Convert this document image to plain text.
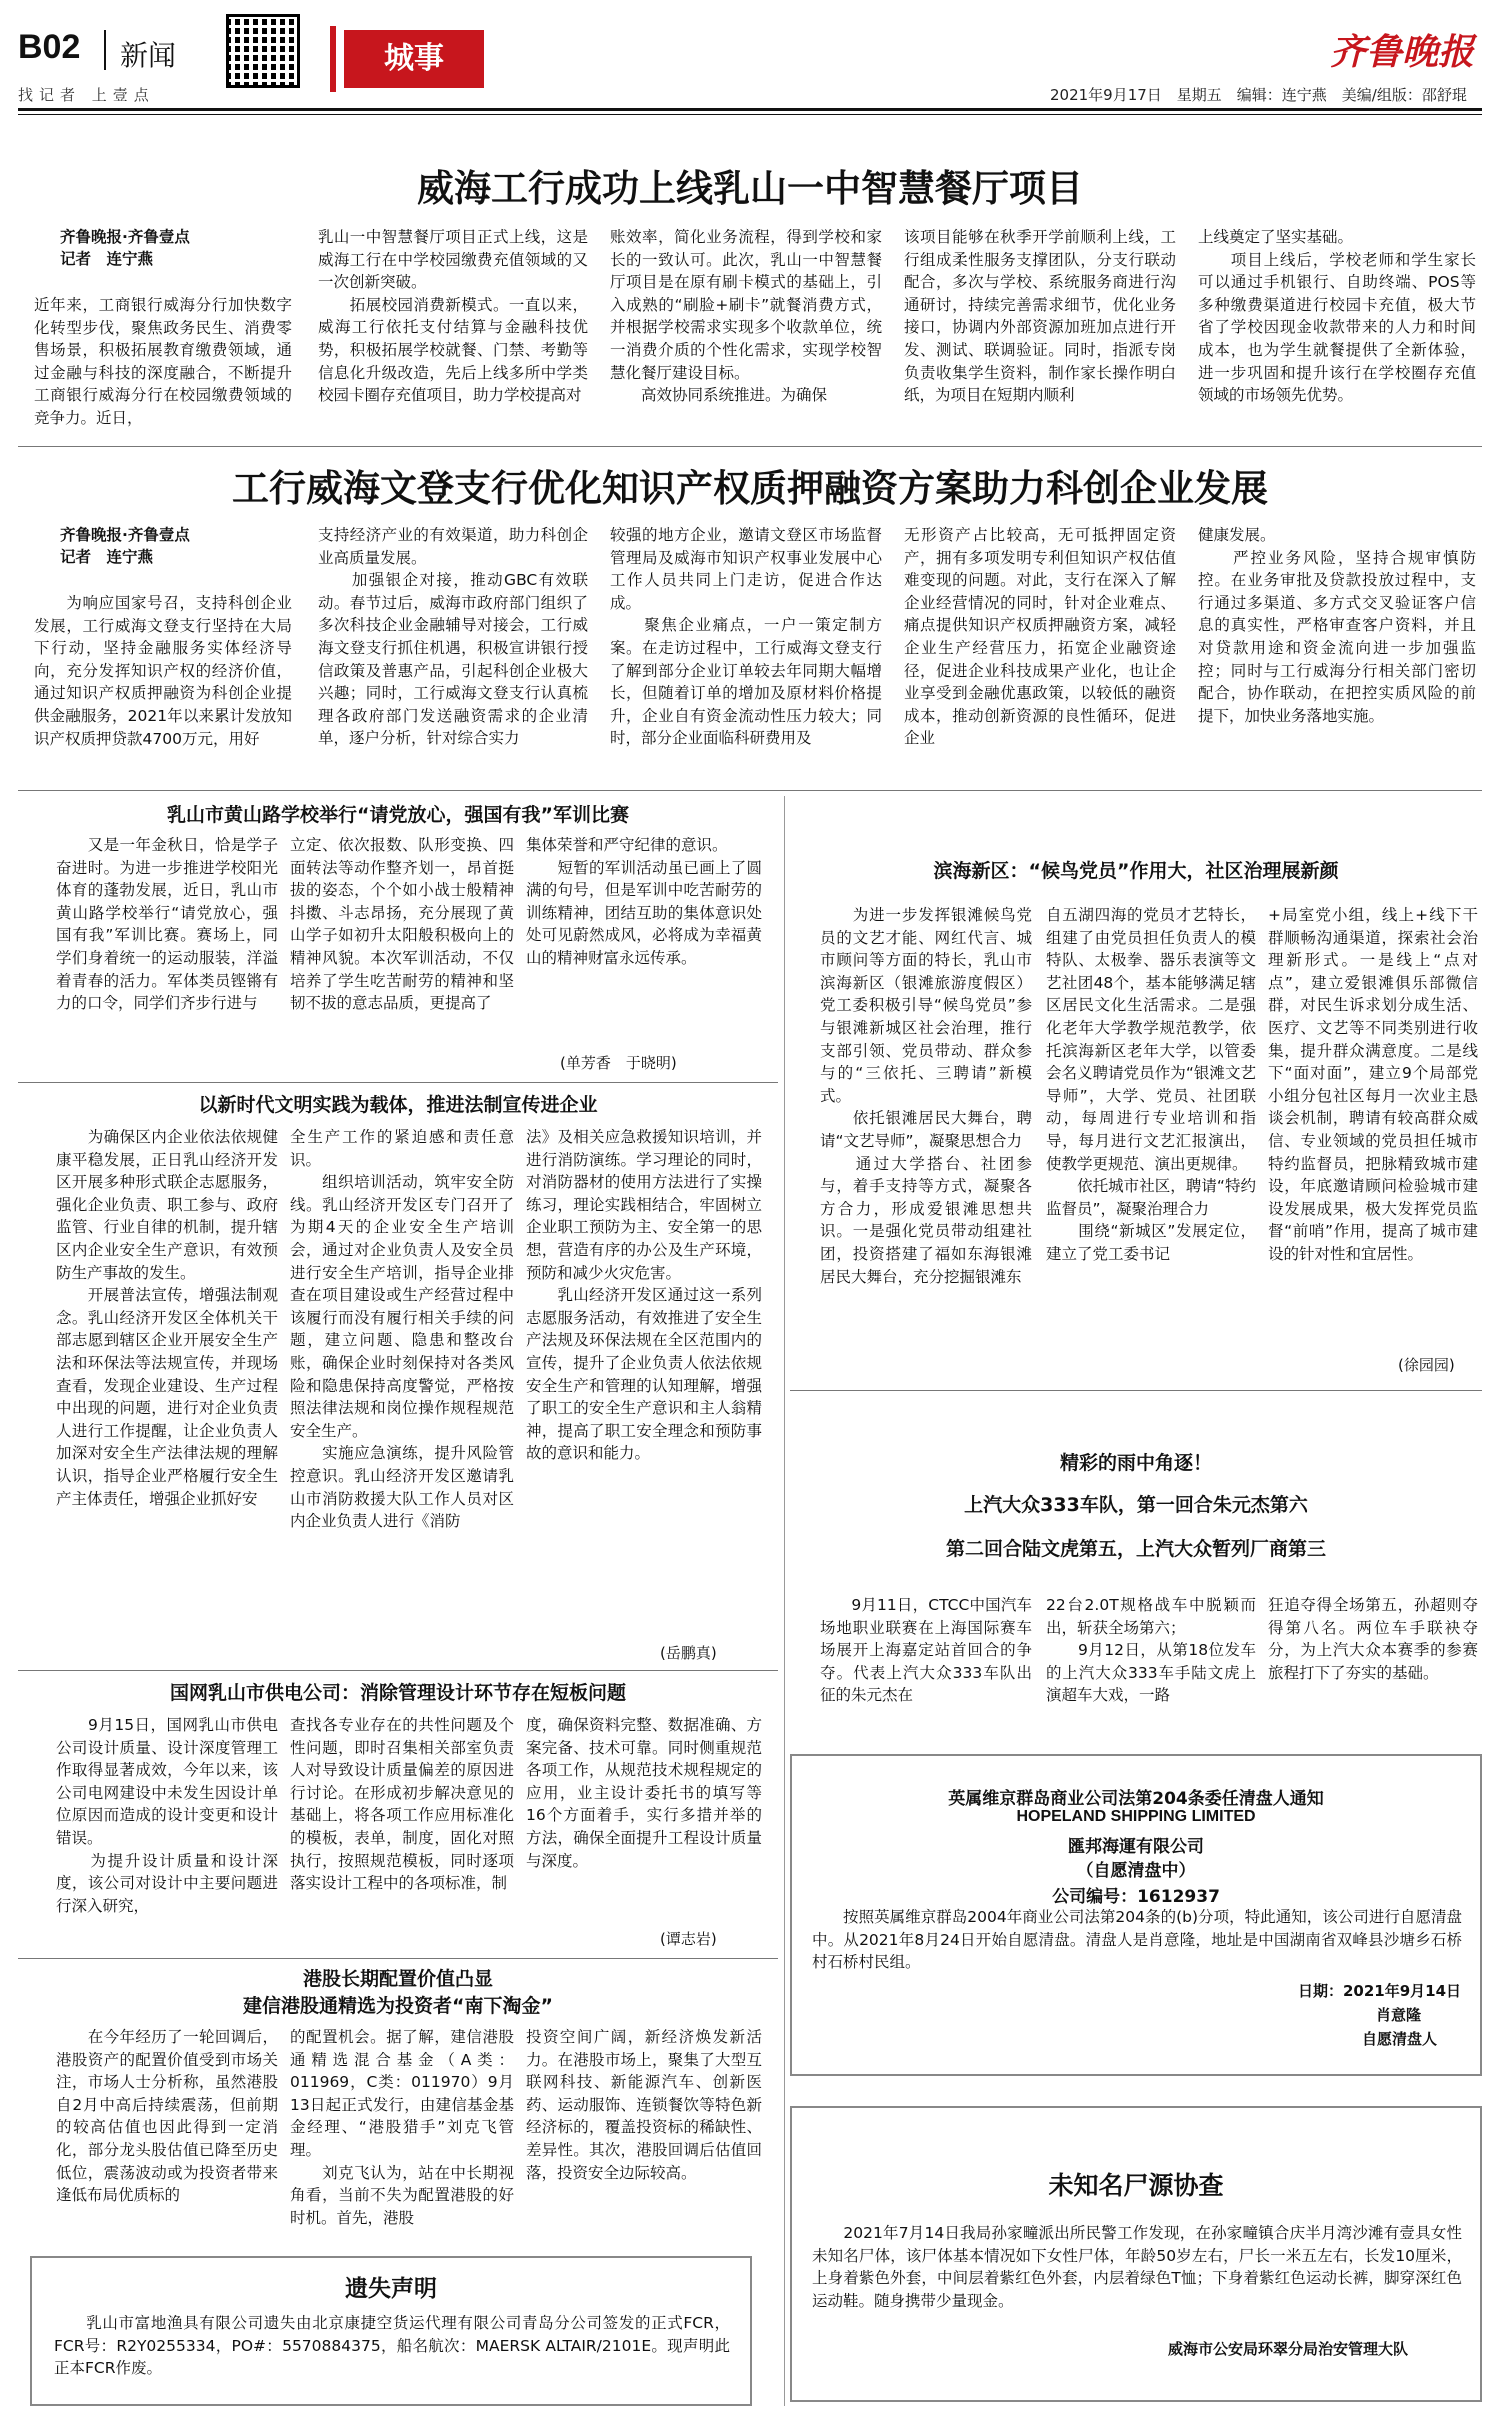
B02 新闻
找记者 上壹点
城事	齐鲁晚报
2021年9月17日　星期五　编辑：连宁燕　美编/组版：邵舒琨
威海工行成功上线乳山一中智慧餐厅项目
齐鲁晚报·齐鲁壹点
记者　连宁燕
近年来，工商银行威海分行加快数字化转型步伐，聚焦政务民生、消费零售场景，积极拓展教育缴费领域，通过金融与科技的深度融合，不断提升工商银行威海分行在校园缴费领域的竞争力。近日，
乳山一中智慧餐厅项目正式上线，这是威海工行在中学校园缴费充值领域的又一次创新突破。
　　拓展校园消费新模式。一直以来，威海工行依托支付结算与金融科技优势，积极拓展学校就餐、门禁、考勤等信息化升级改造，先后上线多所中学类校园卡圈存充值项目，助力学校提高对
账效率，简化业务流程，得到学校和家长的一致认可。此次，乳山一中智慧餐厅项目是在原有刷卡模式的基础上，引入成熟的“刷脸+刷卡”就餐消费方式，并根据学校需求实现多个收款单位，统一消费介质的个性化需求，实现学校智慧化餐厅建设目标。
　　高效协同系统推进。为确保
该项目能够在秋季开学前顺利上线，工行组成柔性服务支撑团队，分支行联动配合，多次与学校、系统服务商进行沟通研讨，持续完善需求细节，优化业务接口，协调内外部资源加班加点进行开发、测试、联调验证。同时，指派专岗负责收集学生资料，制作家长操作明白纸，为项目在短期内顺利
上线奠定了坚实基础。
　　项目上线后，学校老师和学生家长可以通过手机银行、自助终端、POS等多种缴费渠道进行校园卡充值，极大节省了学校因现金收款带来的人力和时间成本，也为学生就餐提供了全新体验，进一步巩固和提升该行在学校圈存充值领域的市场领先优势。
工行威海文登支行优化知识产权质押融资方案助力科创企业发展
齐鲁晚报·齐鲁壹点
记者　连宁燕
　　为响应国家号召，支持科创企业发展，工行威海文登支行坚持在大局下行动，坚持金融服务实体经济导向，充分发挥知识产权的经济价值，通过知识产权质押融资为科创企业提供金融服务，2021年以来累计发放知识产权质押贷款4700万元，用好
支持经济产业的有效渠道，助力科创企业高质量发展。
　　加强银企对接，推动GBC有效联动。春节过后，威海市政府部门组织了多次科技企业金融辅导对接会，工行威海文登支行抓住机遇，积极宣讲银行授信政策及普惠产品，引起科创企业极大兴趣；同时，工行威海文登支行认真梳理各政府部门发送融资需求的企业清单，逐户分析，针对综合实力
较强的地方企业，邀请文登区市场监督管理局及威海市知识产权事业发展中心工作人员共同上门走访，促进合作达成。
　　聚焦企业痛点，一户一策定制方案。在走访过程中，工行威海文登支行了解到部分企业订单较去年同期大幅增长，但随着订单的增加及原材料价格提升，企业自有资金流动性压力较大；同时，部分企业面临科研费用及
无形资产占比较高，无可抵押固定资产，拥有多项发明专利但知识产权估值难变现的问题。对此，支行在深入了解企业经营情况的同时，针对企业难点、痛点提供知识产权质押融资方案，减轻企业生产经营压力，拓宽企业融资途径，促进企业科技成果产业化，也让企业享受到金融优惠政策，以较低的融资成本，推动创新资源的良性循环，促进企业
健康发展。
　　严控业务风险，坚持合规审慎防控。在业务审批及贷款投放过程中，支行通过多渠道、多方式交叉验证客户信息的真实性，严格审查客户资料，并且对贷款用途和资金流向进一步加强监控；同时与工行威海分行相关部门密切配合，协作联动，在把控实质风险的前提下，加快业务落地实施。
乳山市黄山路学校举行“请党放心，强国有我”军训比赛
　　又是一年金秋日，恰是学子奋进时。为进一步推进学校阳光体育的蓬勃发展，近日，乳山市黄山路学校举行“请党放心，强国有我”军训比赛。赛场上，同学们身着统一的运动服装，洋溢着青春的活力。军体类员铿锵有力的口令，同学们齐步行进与
立定、依次报数、队形变换、四面转法等动作整齐划一，昂首挺拔的姿态，个个如小战士般精神抖擞、斗志昂扬，充分展现了黄山学子如初升太阳般积极向上的精神风貌。本次军训活动，不仅培养了学生吃苦耐劳的精神和坚韧不拔的意志品质，更提高了
集体荣誉和严守纪律的意识。
　　短暂的军训活动虽已画上了圆满的句号，但是军训中吃苦耐劳的训练精神，团结互助的集体意识处处可见蔚然成风，必将成为幸福黄山的精神财富永远传承。
(单芳香　于晓明)
以新时代文明实践为载体，推进法制宣传进企业
　　为确保区内企业依法依规健康平稳发展，正日乳山经济开发区开展多种形式联企志愿服务，强化企业负责、职工参与、政府监管、行业自律的机制，提升辖区内企业安全生产意识，有效预防生产事故的发生。
　　开展普法宣传，增强法制观念。乳山经济开发区全体机关干部志愿到辖区企业开展安全生产法和环保法等法规宣传，并现场查看，发现企业建设、生产过程中出现的问题，进行对企业负责人进行工作提醒，让企业负责人加深对安全生产法律法规的理解认识，指导企业严格履行安全生产主体责任，增强企业抓好安
全生产工作的紧迫感和责任意识。
　　组织培训活动，筑牢安全防线。乳山经济开发区专门召开了为期4天的企业安全生产培训会，通过对企业负责人及安全员进行安全生产培训，指导企业排查在项目建设或生产经营过程中该履行而没有履行相关手续的问题，建立问题、隐患和整改台账，确保企业时刻保持对各类风险和隐患保持高度警觉，严格按照法律法规和岗位操作规程规范安全生产。
　　实施应急演练，提升风险管控意识。乳山经济开发区邀请乳山市消防救援大队工作人员对区内企业负责人进行《消防
法》及相关应急救援知识培训，并进行消防演练。学习理论的同时，对消防器材的使用方法进行了实操练习，理论实践相结合，牢固树立企业职工预防为主、安全第一的思想，营造有序的办公及生产环境，预防和减少火灾危害。
　　乳山经济开发区通过这一系列志愿服务活动，有效推进了安全生产法规及环保法规在全区范围内的宣传，提升了企业负责人依法依规安全生产和管理的认知理解，增强了职工的安全生产意识和主人翁精神，提高了职工安全理念和预防事故的意识和能力。
(岳鹏真)
国网乳山市供电公司：消除管理设计环节存在短板问题
　　9月15日，国网乳山市供电公司设计质量、设计深度管理工作取得显著成效，今年以来，该公司电网建设中未发生因设计单位原因而造成的设计变更和设计错误。
　　为提升设计质量和设计深度，该公司对设计中主要问题进行深入研究，
查找各专业存在的共性问题及个性问题，即时召集相关部室负责人对导致设计质量偏差的原因进行讨论。在形成初步解决意见的基础上，将各项工作应用标准化的模板，表单，制度，固化对照执行，按照规范模板，同时逐项落实设计工程中的各项标准，制
度，确保资料完整、数据准确、方案完备、技术可靠。同时侧重规范各项工作，从规范技术规程规定的应用，业主设计委托书的填写等16个方面着手，实行多措并举的方法，确保全面提升工程设计质量与深度。
(谭志岩)
港股长期配置价值凸显
建信港股通精选为投资者“南下淘金”
　　在今年经历了一轮回调后，港股资产的配置价值受到市场关注，市场人士分析称，虽然港股自2月中高后持续震荡，但前期的较高估值也因此得到一定消化，部分龙头股估值已降至历史低位，震荡波动或为投资者带来逢低布局优质标的
的配置机会。据了解，建信港股通精选混合基金（A类：011969，C类：011970）9月13日起正式发行，由建信基金基金经理、“港股猎手”刘克飞管理。
　　刘克飞认为，站在中长期视角看，当前不失为配置港股的好时机。首先，港股
投资空间广阔，新经济焕发新活力。在港股市场上，聚集了大型互联网科技、新能源汽车、创新医药、运动服饰、连锁餐饮等特色新经济标的，覆盖投资标的稀缺性、差异性。其次，港股回调后估值回落，投资安全边际较高。
遗失声明
　　乳山市富地渔具有限公司遗失由北京康捷空货运代理有限公司青岛分公司签发的正式FCR，FCR号：R2Y0255334，PO#：5570884375，船名航次：MAERSK ALTAIR/2101E。现声明此正本FCR作废。
滨海新区：“候鸟党员”作用大，社区治理展新颜
　　为进一步发挥银滩候鸟党员的文艺才能、网红代言、城市顾问等方面的特长，乳山市滨海新区（银滩旅游度假区）党工委积极引导“候鸟党员”参与银滩新城区社会治理，推行支部引领、党员带动、群众参与的“三依托、三聘请”新模式。
　　依托银滩居民大舞台，聘请“文艺导师”，凝聚思想合力
　　通过大学搭台、社团参与，着手支持等方式，凝聚各方合力，形成爱银滩思想共识。一是强化党员带动组建社团，投资搭建了福如东海银滩居民大舞台，充分挖掘银滩东
自五湖四海的党员才艺特长，组建了由党员担任负责人的模特队、太极拳、器乐表演等文艺社团48个，基本能够满足辖区居民文化生活需求。二是强化老年大学教学规范教学，依托滨海新区老年大学，以管委会名义聘请党员作为“银滩文艺导师”，大学、党员、社团联动，每周进行专业培训和指导，每月进行文艺汇报演出，使教学更规范、演出更规律。
　　依托城市社区，聘请“特约监督员”，凝聚治理合力
　　围绕“新城区”发展定位，建立了党工委书记
+局室党小组，线上+线下干群顺畅沟通渠道，探索社会治理新形式。一是线上“点对点”，建立爱银滩俱乐部微信群，对民生诉求划分成生活、医疗、文艺等不同类别进行收集，提升群众满意度。二是线下“面对面”，建立9个局部党小组分包社区每月一次业主恳谈会机制，聘请有较高群众威信、专业领域的党员担任城市特约监督员，把脉精致城市建设，年底邀请顾问检验城市建设发展成果，极大发挥党员监督“前哨”作用，提高了城市建设的针对性和宜居性。
(徐园园)
精彩的雨中角逐！
上汽大众333车队，第一回合朱元杰第六
第二回合陆文虎第五，上汽大众暂列厂商第三
　　9月11日，CTCC中国汽车场地职业联赛在上海国际赛车场展开上海嘉定站首回合的争夺。代表上汽大众333车队出征的朱元杰在
22台2.0T规格战车中脱颖而出，斩获全场第六；
　　9月12日，从第18位发车的上汽大众333车手陆文虎上演超车大戏，一路
狂追夺得全场第五，孙超则夺得第八名。两位车手联袂夺分，为上汽大众本赛季的参赛旅程打下了夯实的基础。
英属维京群岛商业公司法第204条委任清盘人通知
HOPELAND SHIPPING LIMITED
匯邦海運有限公司
（自愿清盘中）
公司编号：1612937
　　按照英属维京群岛2004年商业公司法第204条的(b)分项，特此通知，该公司进行自愿清盘中。从2021年8月24日开始自愿清盘。清盘人是肖意隆，地址是中国湖南省双峰县沙塘乡石桥村石桥村民组。
日期：2021年9月14日
肖意隆
自愿清盘人
未知名尸源协查
　　2021年7月14日我局孙家疃派出所民警工作发现，在孙家疃镇合庆半月湾沙滩有壹具女性未知名尸体，该尸体基本情况如下女性尸体，年龄50岁左右，尸长一米五左右，长发10厘米，上身着紫色外套，中间层着紫红色外套，内层着绿色T恤；下身着紫红色运动长裤，脚穿深红色运动鞋。随身携带少量现金。
威海市公安局环翠分局治安管理大队
